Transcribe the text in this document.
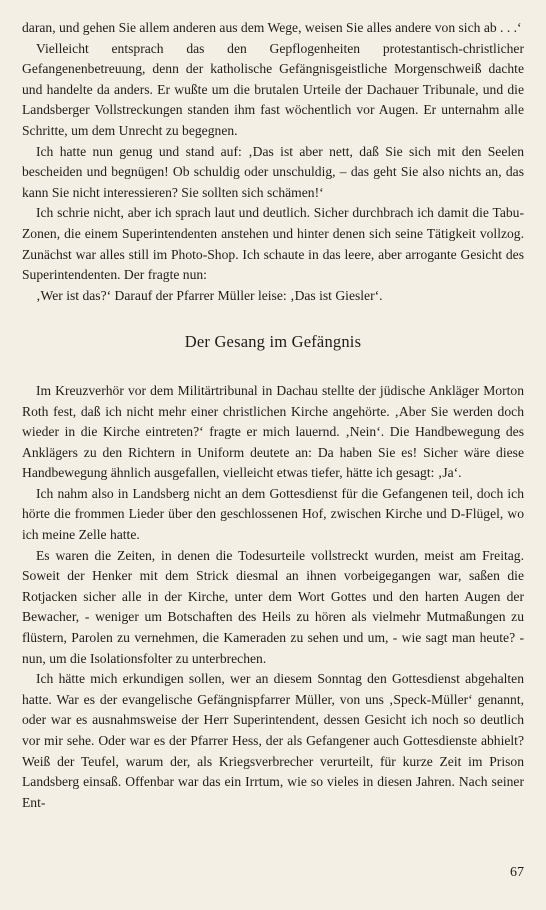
daran, und gehen Sie allem anderen aus dem Wege, weisen Sie alles andere von sich ab . . .‘

Vielleicht entsprach das den Gepflogenheiten protestantisch-christlicher Gefangenenbetreuung, denn der katholische Gefängnisgeistliche Morgenschweiß dachte und handelte da anders. Er wußte um die brutalen Urteile der Dachauer Tribunale, und die Landsberger Vollstreckungen standen ihm fast wöchentlich vor Augen. Er unternahm alle Schritte, um dem Unrecht zu begegnen.

Ich hatte nun genug und stand auf: ‚Das ist aber nett, daß Sie sich mit den Seelen bescheiden und begnügen! Ob schuldig oder unschuldig, – das geht Sie also nichts an, das kann Sie nicht interessieren? Sie sollten sich schämen!‘

Ich schrie nicht, aber ich sprach laut und deutlich. Sicher durchbrach ich damit die Tabu-Zonen, die einem Superintendenten anstehen und hinter denen sich seine Tätigkeit vollzog. Zunächst war alles still im Photo-Shop. Ich schaute in das leere, aber arrogante Gesicht des Superintendenten. Der fragte nun:

‚Wer ist das?‘ Darauf der Pfarrer Müller leise: ‚Das ist Giesler‘.

Der Gesang im Gefängnis

Im Kreuzverhör vor dem Militärtribunal in Dachau stellte der jüdische Ankläger Morton Roth fest, daß ich nicht mehr einer christlichen Kirche angehörte. ‚Aber Sie werden doch wieder in die Kirche eintreten?‘ fragte er mich lauernd. ‚Nein‘. Die Handbewegung des Anklägers zu den Richtern in Uniform deutete an: Da haben Sie es! Sicher wäre diese Handbewegung ähnlich ausgefallen, vielleicht etwas tiefer, hätte ich gesagt: ‚Ja‘.

Ich nahm also in Landsberg nicht an dem Gottesdienst für die Gefangenen teil, doch ich hörte die frommen Lieder über den geschlossenen Hof, zwischen Kirche und D-Flügel, wo ich meine Zelle hatte.

Es waren die Zeiten, in denen die Todesurteile vollstreckt wurden, meist am Freitag. Soweit der Henker mit dem Strick diesmal an ihnen vorbeigegangen war, saßen die Rotjacken sicher alle in der Kirche, unter dem Wort Gottes und den harten Augen der Bewacher, - weniger um Botschaften des Heils zu hören als vielmehr Mutmaßungen zu flüstern, Parolen zu vernehmen, die Kameraden zu sehen und um, - wie sagt man heute? - nun, um die Isolationsfolter zu unterbrechen.

Ich hätte mich erkundigen sollen, wer an diesem Sonntag den Gottesdienst abgehalten hatte. War es der evangelische Gefängnispfarrer Müller, von uns ‚Speck-Müller‘ genannt, oder war es ausnahmsweise der Herr Superintendent, dessen Gesicht ich noch so deutlich vor mir sehe. Oder war es der Pfarrer Hess, der als Gefangener auch Gottesdienste abhielt? Weiß der Teufel, warum der, als Kriegsverbrecher verurteilt, für kurze Zeit im Prison Landsberg einsaß. Offenbar war das ein Irrtum, wie so vieles in diesen Jahren. Nach seiner Ent-

67
